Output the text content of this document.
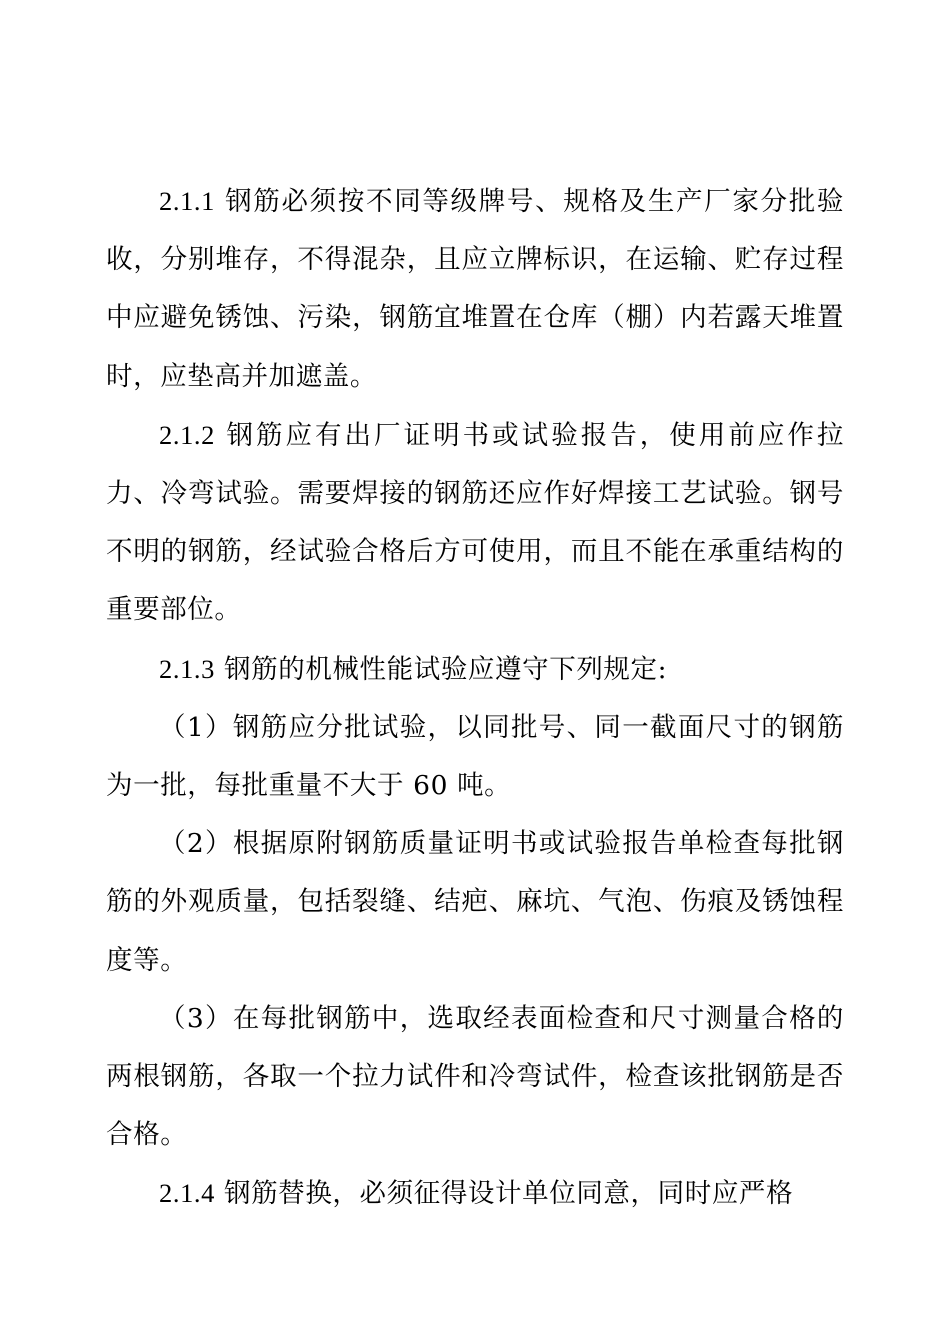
2.1.1 钢筋必须按不同等级牌号、规格及生产厂家分批验收，分别堆存，不得混杂，且应立牌标识，在运输、贮存过程中应避免锈蚀、污染，钢筋宜堆置在仓库（棚）内若露天堆置时，应垫高并加遮盖。

2.1.2 钢筋应有出厂证明书或试验报告，使用前应作拉力、冷弯试验。需要焊接的钢筋还应作好焊接工艺试验。钢号不明的钢筋，经试验合格后方可使用，而且不能在承重结构的重要部位。

2.1.3 钢筋的机械性能试验应遵守下列规定:

（1）钢筋应分批试验，以同批号、同一截面尺寸的钢筋为一批，每批重量不大于 60 吨。

（2）根据原附钢筋质量证明书或试验报告单检查每批钢筋的外观质量，包括裂缝、结疤、麻坑、气泡、伤痕及锈蚀程度等。

（3）在每批钢筋中，选取经表面检查和尺寸测量合格的两根钢筋，各取一个拉力试件和冷弯试件，检查该批钢筋是否合格。

2.1.4 钢筋替换，必须征得设计单位同意，同时应严格
